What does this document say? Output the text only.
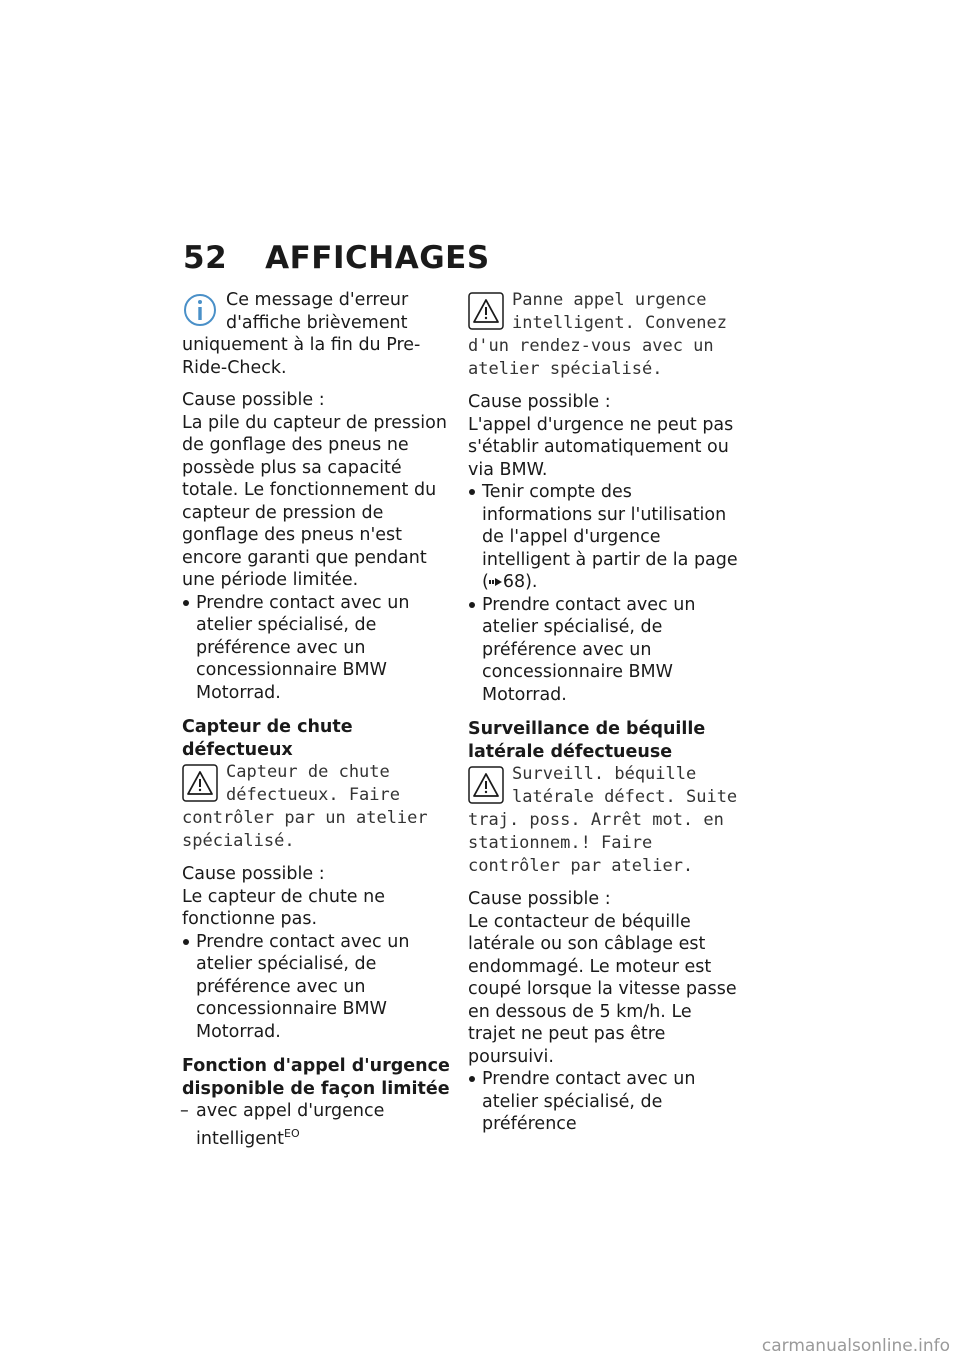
52 AFFICHAGES

Ce message d'erreur d'affiche brièvement uniquement à la fin du Pre-Ride-Check.

Cause possible :

La pile du capteur de pression de gonflage des pneus ne possède plus sa capacité totale. Le fonctionnement du capteur de pression de gonflage des pneus n'est encore garanti que pendant une période limitée.

Prendre contact avec un atelier spécialisé, de préférence avec un concessionnaire BMW Motorrad.
Capteur de chute défectueux

Capteur de chute défectueux. Faire contrôler par un atelier spécialisé.

Cause possible :

Le capteur de chute ne fonctionne pas.

Prendre contact avec un atelier spécialisé, de préférence avec un concessionnaire BMW Motorrad.
Fonction d'appel d'urgence disponible de façon limitée
– avec appel d'urgence intelligent$^{EO}$

Panne appel urgence intelligent. Convenez d'un rendez-vous avec un atelier spécialisé.

Cause possible :

L'appel d'urgence ne peut pas s'établir automatiquement ou via BMW.

Tenir compte des informations sur l'utilisation de l'appel d'urgence intelligent à partir de la page ( 68).
Prendre contact avec un atelier spécialisé, de préférence avec un concessionnaire BMW Motorrad.
Surveillance de béquille latérale défectueuse

Surveill. béquille latérale défect. Suite traj. poss. Arrêt mot. en stationnem.! Faire contrôler par atelier.

Cause possible :

Le contacteur de béquille latérale ou son câblage est endommagé. Le moteur est coupé lorsque la vitesse passe en dessous de 5 km/h. Le trajet ne peut pas être poursuivi.

Prendre contact avec un atelier spécialisé, de préférence
carmanualsonline.info
